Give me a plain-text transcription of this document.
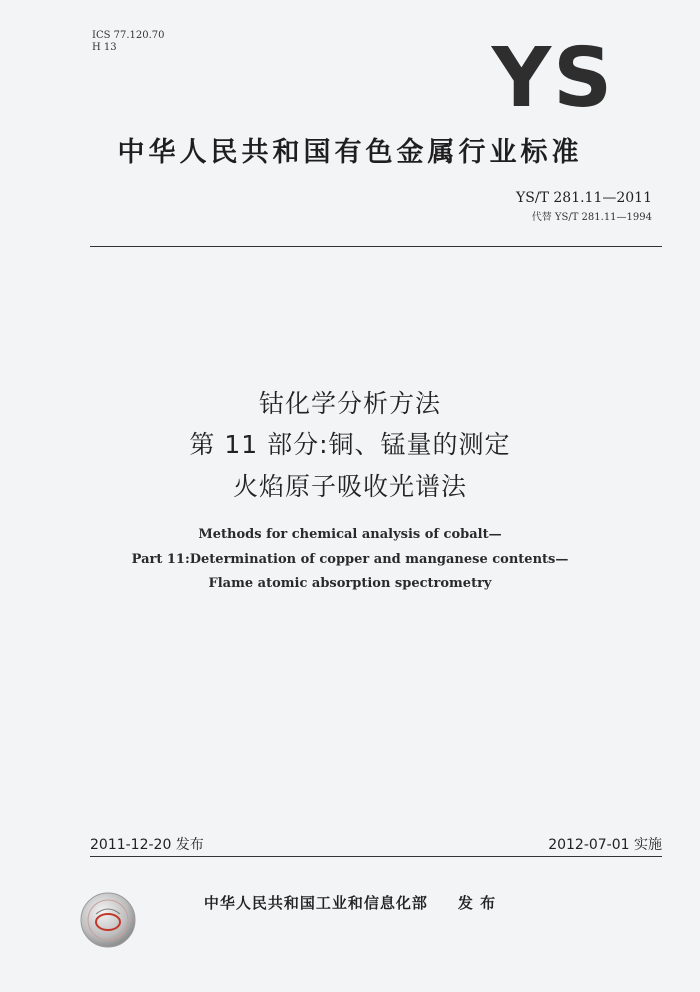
ICS 77.120.70
H 13	YS
中华人民共和国有色金属行业标准
YS/T 281.11—2011
代替 YS/T 281.11—1994
钴化学分析方法
第 11 部分:铜、锰量的测定
火焰原子吸收光谱法
Methods for chemical analysis of cobalt—
Part 11:Determination of copper and manganese contents—
Flame atomic absorption spectrometry
2011-12-20 发布	2012-07-01 实施
中华人民共和国工业和信息化部 发 布
